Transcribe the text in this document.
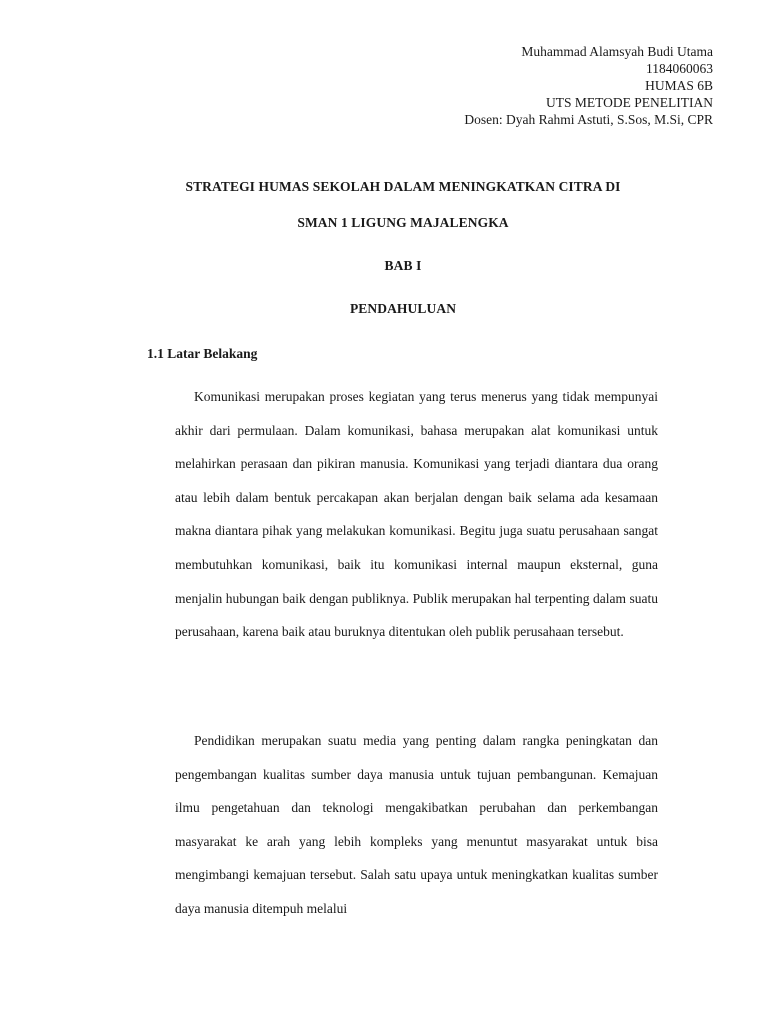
Muhammad Alamsyah Budi Utama
1184060063
HUMAS 6B
UTS METODE PENELITIAN
Dosen: Dyah Rahmi Astuti, S.Sos, M.Si, CPR
STRATEGI HUMAS SEKOLAH DALAM MENINGKATKAN CITRA DI
SMAN 1 LIGUNG MAJALENGKA
BAB I
PENDAHULUAN
1.1 Latar Belakang

Komunikasi merupakan proses kegiatan yang terus menerus yang tidak mempunyai akhir dari permulaan. Dalam komunikasi, bahasa merupakan alat komunikasi untuk melahirkan perasaan dan pikiran manusia. Komunikasi yang terjadi diantara dua orang atau lebih dalam bentuk percakapan akan berjalan dengan baik selama ada kesamaan makna diantara pihak yang melakukan komunikasi. Begitu juga suatu perusahaan sangat membutuhkan komunikasi, baik itu komunikasi internal maupun eksternal, guna menjalin hubungan baik dengan publiknya. Publik merupakan hal terpenting dalam suatu perusahaan, karena baik atau buruknya ditentukan oleh publik perusahaan tersebut.

Pendidikan merupakan suatu media yang penting dalam rangka peningkatan dan pengembangan kualitas sumber daya manusia untuk tujuan pembangunan. Kemajuan ilmu pengetahuan dan teknologi mengakibatkan perubahan dan perkembangan masyarakat ke arah yang lebih kompleks yang menuntut masyarakat untuk bisa mengimbangi kemajuan tersebut. Salah satu upaya untuk meningkatkan kualitas sumber daya manusia ditempuh melalui
